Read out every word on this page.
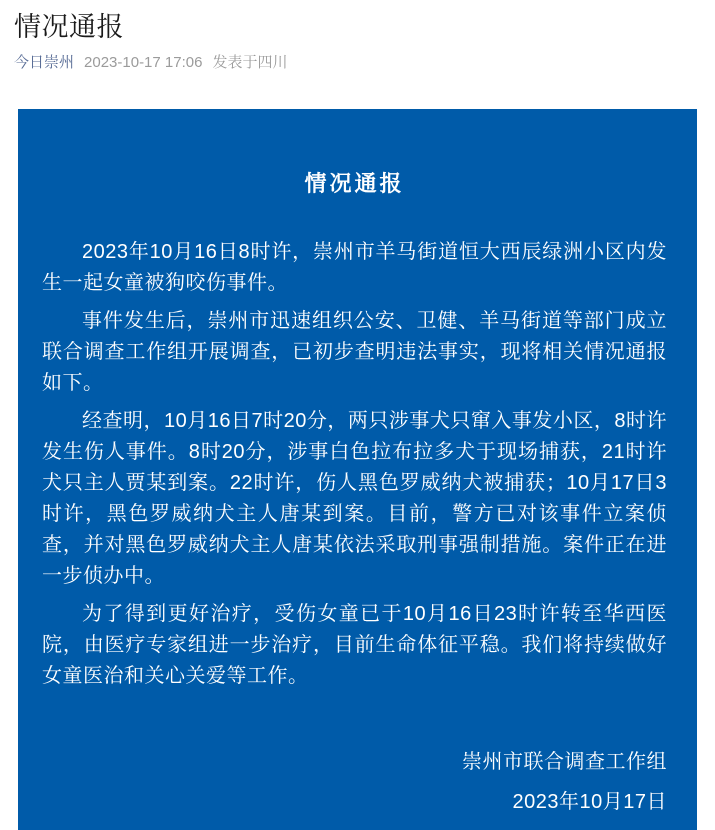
情况通报
今日崇州 2023-10-17 17:06 发表于四川
情况通报

2023年10月16日8时许，崇州市羊马街道恒大西辰绿洲小区内发生一起女童被狗咬伤事件。

事件发生后，崇州市迅速组织公安、卫健、羊马街道等部门成立联合调查工作组开展调查，已初步查明违法事实，现将相关情况通报如下。

经查明，10月16日7时20分，两只涉事犬只窜入事发小区，8时许发生伤人事件。8时20分，涉事白色拉布拉多犬于现场捕获，21时许犬只主人贾某到案。22时许，伤人黑色罗威纳犬被捕获；10月17日3时许，黑色罗威纳犬主人唐某到案。目前，警方已对该事件立案侦查，并对黑色罗威纳犬主人唐某依法采取刑事强制措施。案件正在进一步侦办中。

为了得到更好治疗，受伤女童已于10月16日23时许转至华西医院，由医疗专家组进一步治疗，目前生命体征平稳。我们将持续做好女童医治和关心关爱等工作。

崇州市联合调查工作组
2023年10月17日
